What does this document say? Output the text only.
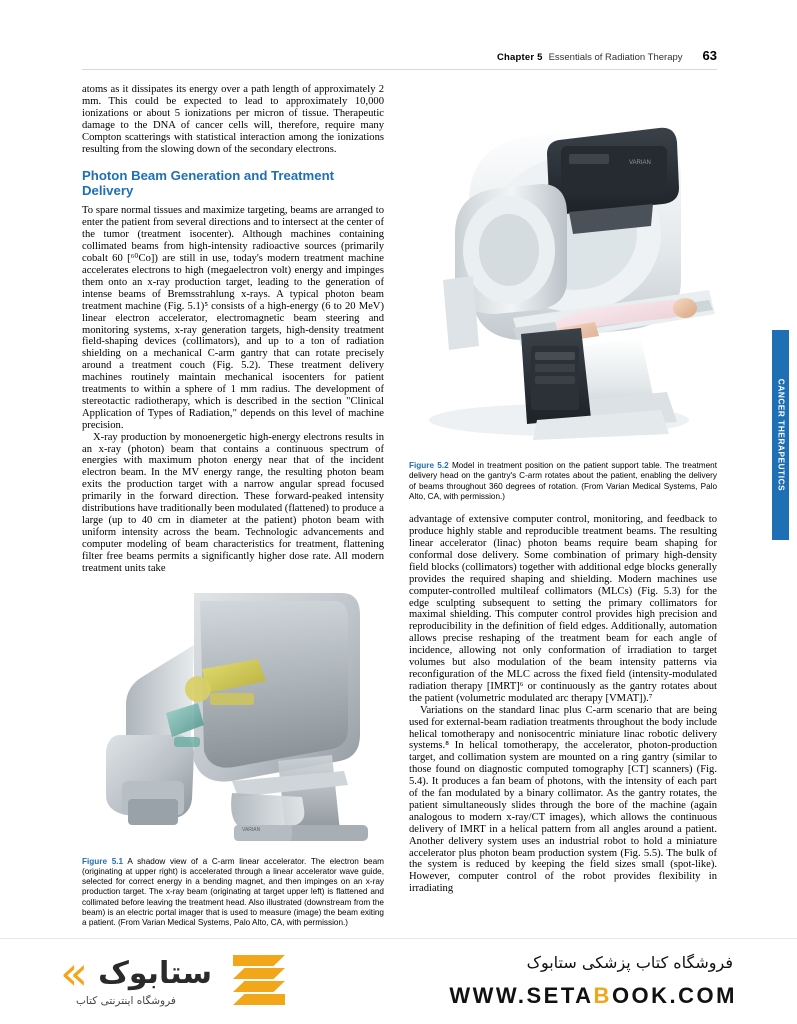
Chapter 5 Essentials of Radiation Therapy 63
CANCER THERAPEUTICS

atoms as it dissipates its energy over a path length of approximately 2 mm. This could be expected to lead to approximately 10,000 ionizations or about 5 ionizations per micron of tissue. Therapeutic damage to the DNA of cancer cells will, therefore, require many Compton scatterings with statistical interaction among the ionizations resulting from the slowing down of the secondary electrons.

Photon Beam Generation and Treatment Delivery

To spare normal tissues and maximize targeting, beams are arranged to enter the patient from several directions and to intersect at the center of the tumor (treatment isocenter). Although machines containing collimated beams from high-intensity radioactive sources (primarily cobalt 60 [⁶⁰Co]) are still in use, today's modern treatment machine accelerates electrons to high (megaelectron volt) energy and impinges them onto an x-ray production target, leading to the generation of intense beams of Bremsstrahlung x-rays. A typical photon beam treatment machine (Fig. 5.1)⁵ consists of a high-energy (6 to 20 MeV) linear electron accelerator, electromagnetic beam steering and monitoring systems, x-ray generation targets, high-density treatment field-shaping devices (collimators), and up to a ton of radiation shielding on a mechanical C-arm gantry that can rotate precisely around a treatment couch (Fig. 5.2). These treatment delivery machines routinely maintain mechanical isocenters for patient treatments to within a sphere of 1 mm radius. The development of stereotactic radiotherapy, which is described in the section "Clinical Application of Types of Radiation," depends on this level of machine precision.

X-ray production by monoenergetic high-energy electrons results in an x-ray (photon) beam that contains a continuous spectrum of energies with maximum photon energy near that of the incident electron beam. In the MV energy range, the resulting photon beam exits the production target with a narrow angular spread focused primarily in the forward direction. These forward-peaked intensity distributions have traditionally been modulated (flattened) to produce a large (up to 40 cm in diameter at the patient) photon beam with uniform intensity across the beam. Technologic advancements and computer modeling of beam characteristics for treatment, flattening filter free beams permits a significantly higher dose rate. All modern treatment units take

VARIAN
Figure 5.1 A shadow view of a C-arm linear accelerator. The electron beam (originating at upper right) is accelerated through a linear accelerator wave guide, selected for correct energy in a bending magnet, and then impinges on an x-ray production target. The x-ray beam (originating at target upper left) is flattened and collimated before leaving the treatment head. Also illustrated (downstream from the beam) is an electric portal imager that is used to measure (image) the beam exiting a patient. (From Varian Medical Systems, Palo Alto, CA, with permission.)
VARIAN
Figure 5.2 Model in treatment position on the patient support table. The treatment delivery head on the gantry's C-arm rotates about the patient, enabling the delivery of beams throughout 360 degrees of rotation. (From Varian Medical Systems, Palo Alto, CA, with permission.)

advantage of extensive computer control, monitoring, and feedback to produce highly stable and reproducible treatment beams. The resulting linear accelerator (linac) photon beams require beam shaping for conformal dose delivery. Some combination of primary high-density field blocks (collimators) together with additional edge blocks generally provides the required shaping and shielding. Modern machines use computer-controlled multileaf collimators (MLCs) (Fig. 5.3) for the edge sculpting subsequent to setting the primary collimators for maximal shielding. This computer control provides high precision and reproducibility in the definition of field edges. Additionally, automation allows precise reshaping of the treatment beam for each angle of incidence, allowing not only conformation of irradiation to target volumes but also modulation of the beam intensity patterns via reconfiguration of the MLC across the fixed field (intensity-modulated radiation therapy [IMRT]⁶ or continuously as the gantry rotates about the patient (volumetric modulated arc therapy [VMAT]).⁷

Variations on the standard linac plus C-arm scenario that are being used for external-beam radiation treatments throughout the body include helical tomotherapy and nonisocentric miniature linac robotic delivery systems.⁸ In helical tomotherapy, the accelerator, photon-production target, and collimation system are mounted on a ring gantry (similar to those found on diagnostic computed tomography [CT] scanners) (Fig. 5.4). It produces a fan beam of photons, with the intensity of each part of the fan modulated by a binary collimator. As the gantry rotates, the patient simultaneously slides through the bore of the machine (again analogous to modern x-ray/CT images), which allows the continuous delivery of IMRT in a helical pattern from all angles around a patient. Another delivery system uses an industrial robot to hold a miniature accelerator plus photon beam production system (Fig. 5.5). The bulk of the system is reduced by keeping the field sizes small (spot-like). However, computer control of the robot provides flexibility in irradiating

« ستابوک
فروشگاه اینترنتی کتاب
فروشگاه کتاب پزشکی ستابوک
WWW.SETABOOK.COM
